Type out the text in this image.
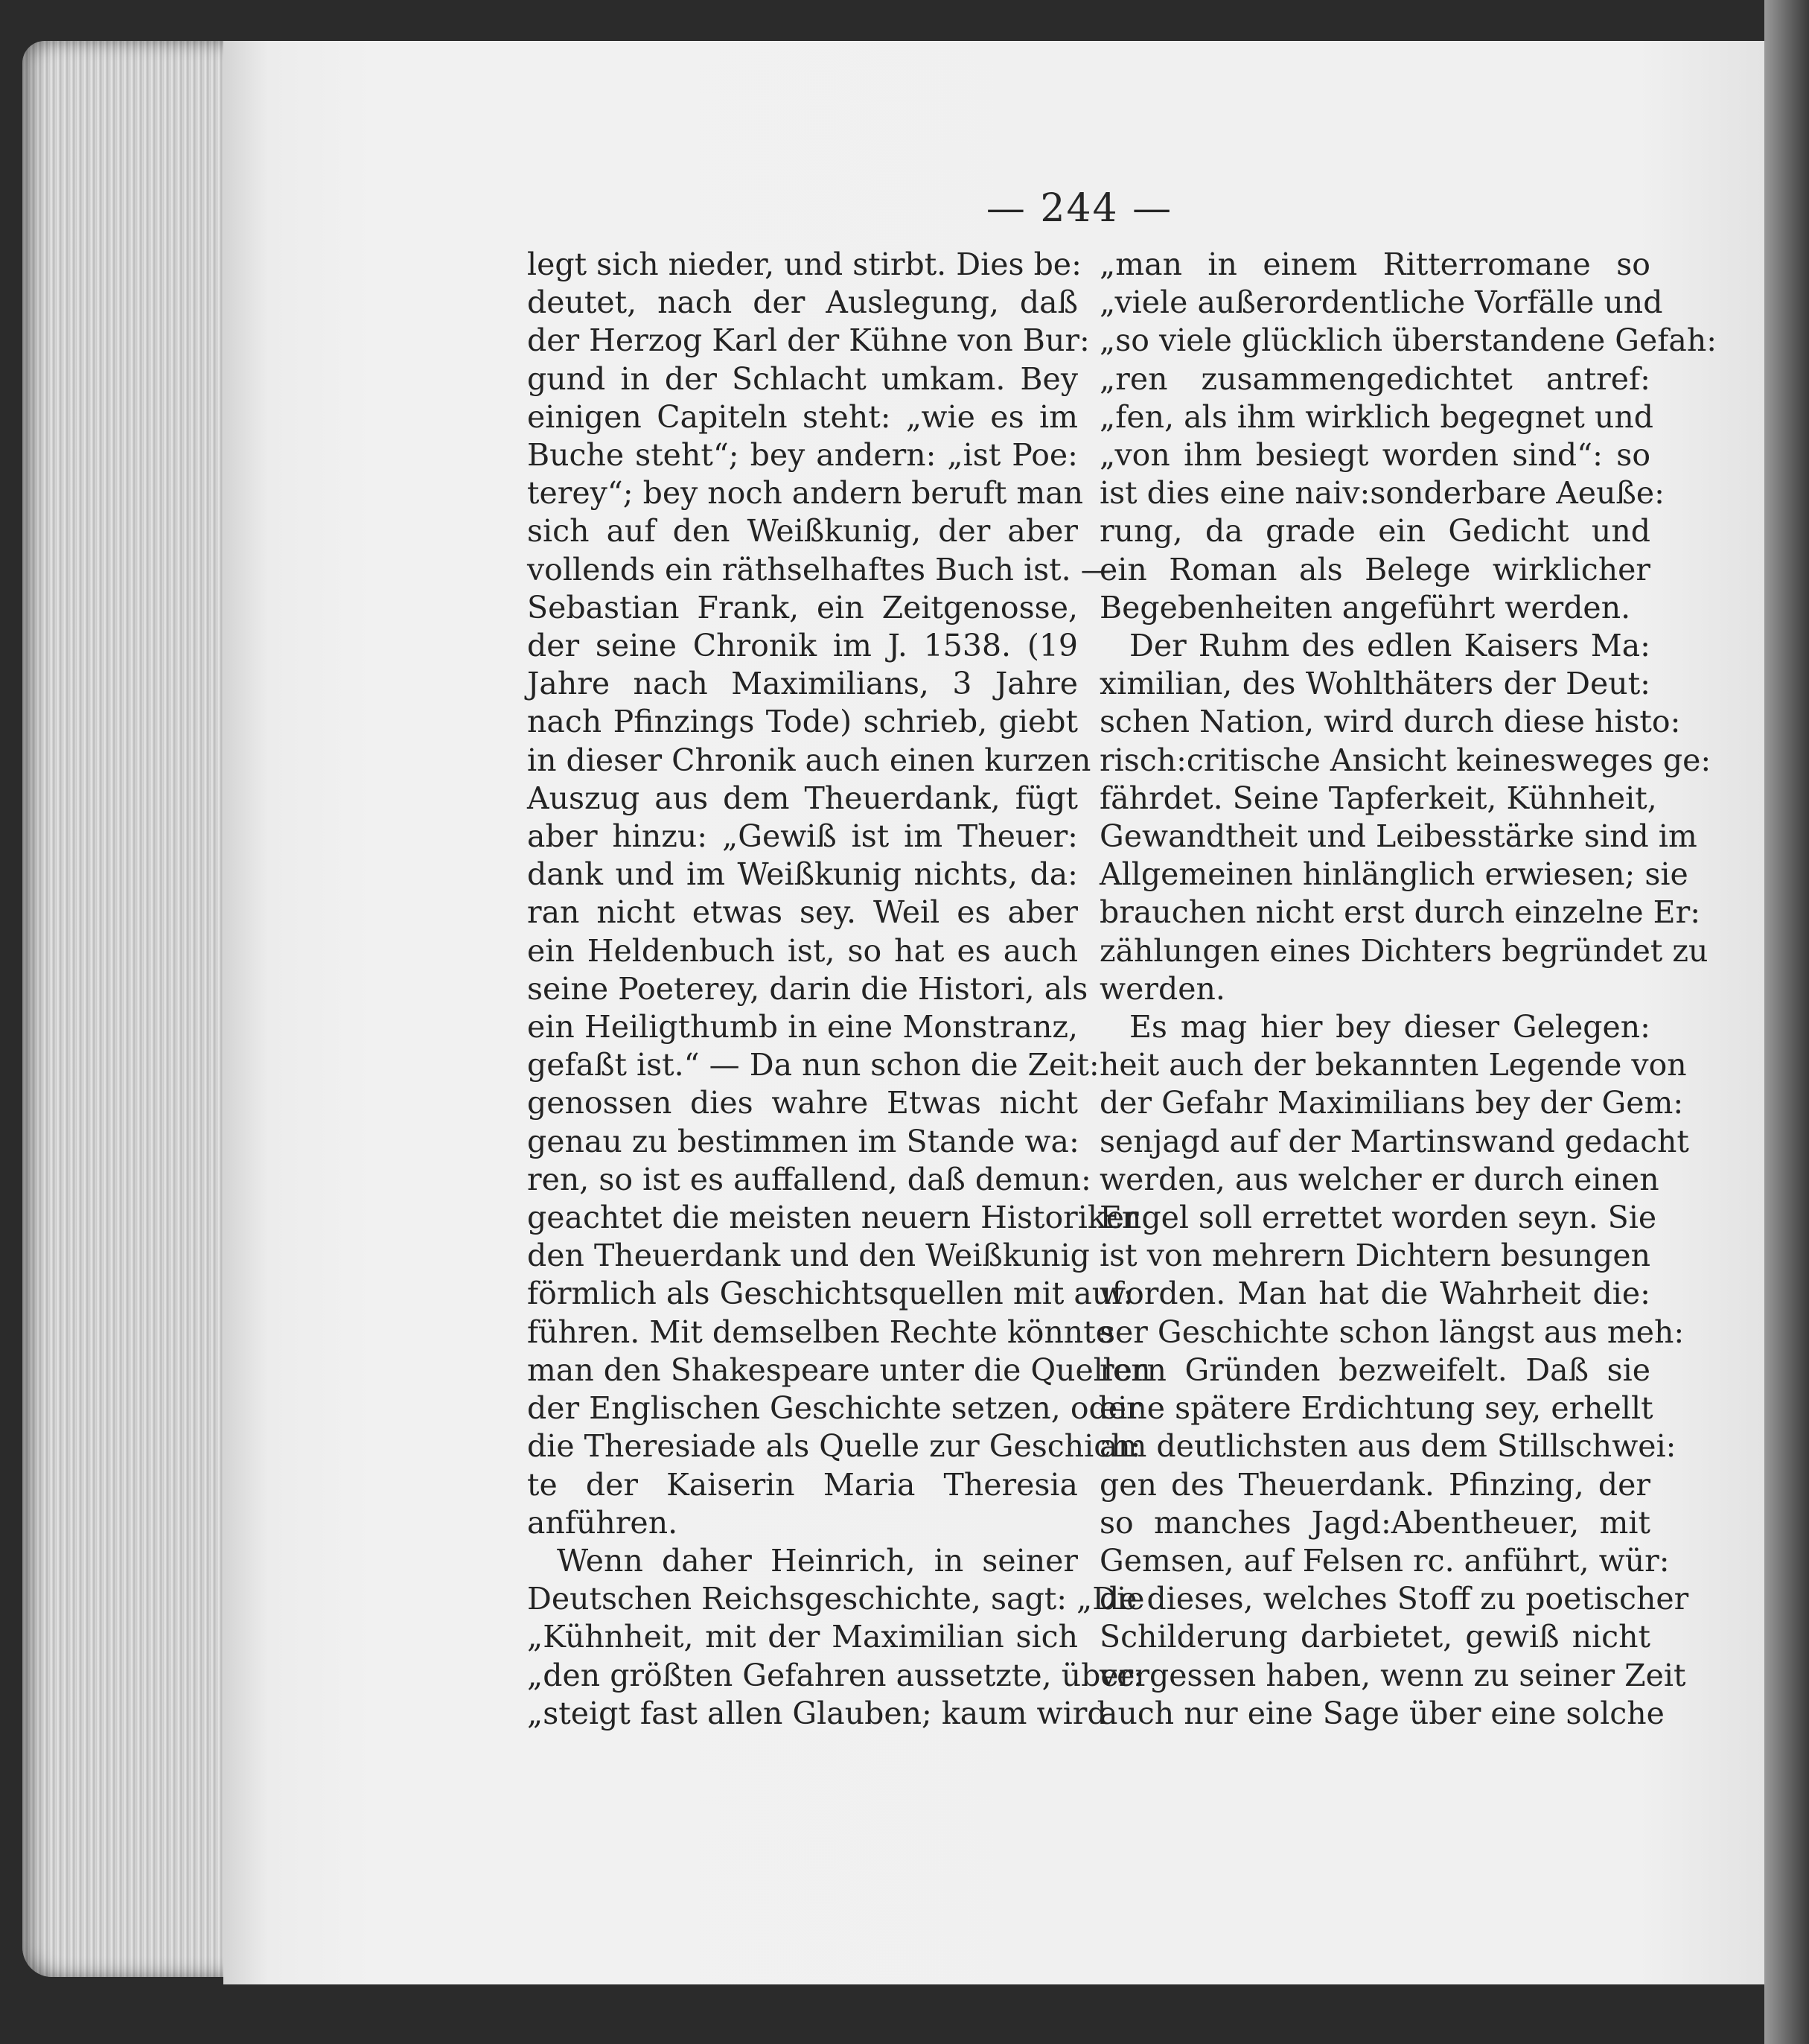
— 244 —
legt sich nieder, und stirbt. Dies be:
deutet, nach der Auslegung, daß
der Herzog Karl der Kühne von Bur:
gund in der Schlacht umkam. Bey
einigen Capiteln steht: „wie es im
Buche steht“; bey andern: „ist Poe:
terey“; bey noch andern beruft man
sich auf den Weißkunig, der aber
vollends ein räthselhaftes Buch ist. —
Sebastian Frank, ein Zeitgenosse,
der seine Chronik im J. 1538. (19
Jahre nach Maximilians, 3 Jahre
nach Pfinzings Tode) schrieb, giebt
in dieser Chronik auch einen kurzen
Auszug aus dem Theuerdank, fügt
aber hinzu: „Gewiß ist im Theuer:
dank und im Weißkunig nichts, da:
ran nicht etwas sey. Weil es aber
ein Heldenbuch ist, so hat es auch
seine Poeterey, darin die Histori, als
ein Heiligthumb in eine Monstranz,
gefaßt ist.“ — Da nun schon die Zeit:
genossen dies wahre Etwas nicht
genau zu bestimmen im Stande wa:
ren, so ist es auffallend, daß demun:
geachtet die meisten neuern Historiker
den Theuerdank und den Weißkunig
förmlich als Geschichtsquellen mit auf:
führen. Mit demselben Rechte könnte
man den Shakespeare unter die Quellen
der Englischen Geschichte setzen, oder
die Theresiade als Quelle zur Geschich:
te der Kaiserin Maria Theresia
anführen.
Wenn daher Heinrich, in seiner
Deutschen Reichsgeschichte, sagt: „Die
„Kühnheit, mit der Maximilian sich
„den größten Gefahren aussetzte, über:
„steigt fast allen Glauben; kaum wird
„man in einem Ritterromane so
„viele außerordentliche Vorfälle und
„so viele glücklich überstandene Gefah:
„ren zusammengedichtet antref:
„fen, als ihm wirklich begegnet und
„von ihm besiegt worden sind“: so
ist dies eine naiv:sonderbare Aeuße:
rung, da grade ein Gedicht und
ein Roman als Belege wirklicher
Begebenheiten angeführt werden.
Der Ruhm des edlen Kaisers Ma:
ximilian, des Wohlthäters der Deut:
schen Nation, wird durch diese histo:
risch:critische Ansicht keinesweges ge:
fährdet. Seine Tapferkeit, Kühnheit,
Gewandtheit und Leibesstärke sind im
Allgemeinen hinlänglich erwiesen; sie
brauchen nicht erst durch einzelne Er:
zählungen eines Dichters begründet zu
werden.
Es mag hier bey dieser Gelegen:
heit auch der bekannten Legende von
der Gefahr Maximilians bey der Gem:
senjagd auf der Martinswand gedacht
werden, aus welcher er durch einen
Engel soll errettet worden seyn. Sie
ist von mehrern Dichtern besungen
worden. Man hat die Wahrheit die:
ser Geschichte schon längst aus meh:
rern Gründen bezweifelt. Daß sie
eine spätere Erdichtung sey, erhellt
am deutlichsten aus dem Stillschwei:
gen des Theuerdank. Pfinzing, der
so manches Jagd:Abentheuer, mit
Gemsen, auf Felsen rc. anführt, wür:
de dieses, welches Stoff zu poetischer
Schilderung darbietet, gewiß nicht
vergessen haben, wenn zu seiner Zeit
auch nur eine Sage über eine solche
